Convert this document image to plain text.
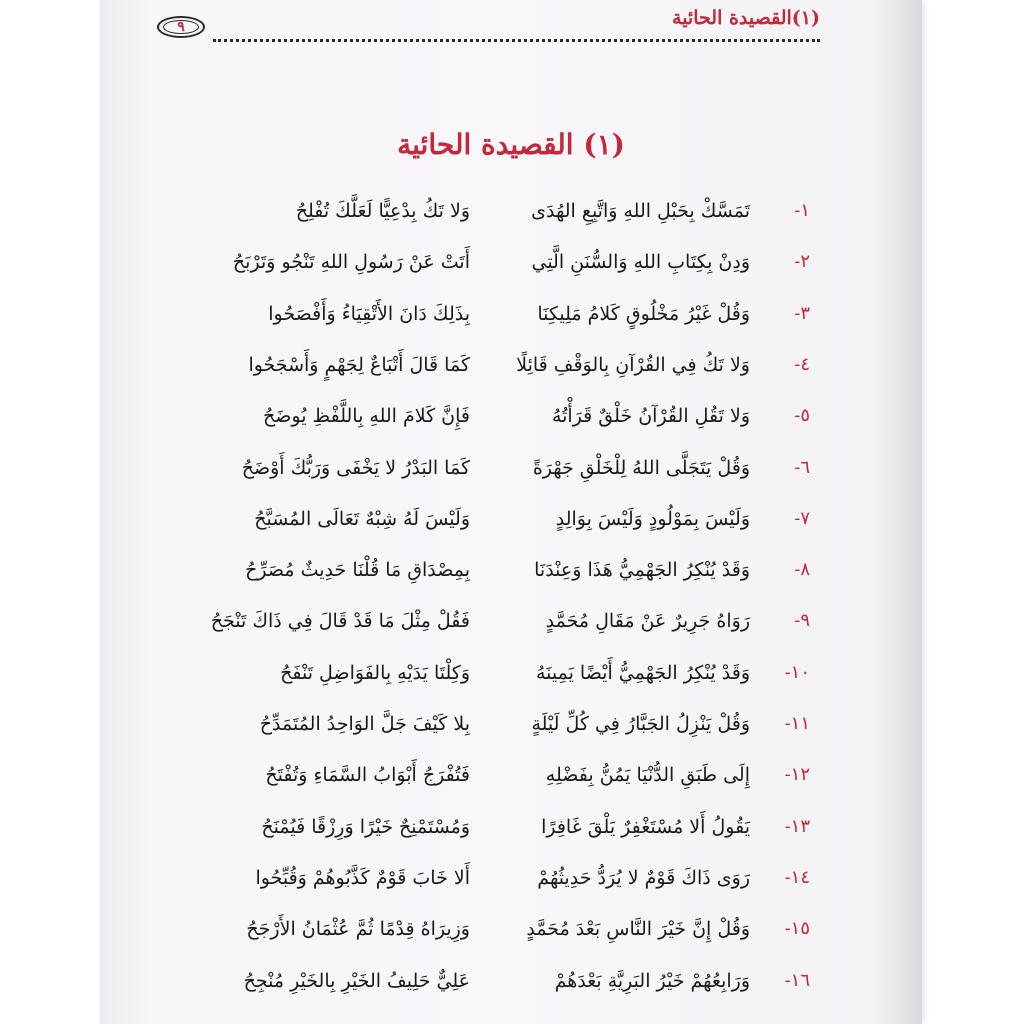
٩	(١)القصيدة الحائية
(١) القصيدة الحائية
١-
تَمَسَّكْ بِحَبْلِ اللهِ وَاتَّبِعِ الهُدَى
وَلا تَكُ بِدْعِيًّا لَعَلَّكَ تُفْلِحُ
٢-
وَدِنْ بِكِتَابِ اللهِ وَالسُّنَنِ الَّتِي
أَتَتْ عَنْ رَسُولِ اللهِ تَنْجُو وَتَرْبَحُ
٣-
وَقُلْ غَيْرُ مَخْلُوقٍ كَلامُ مَلِيكِنَا
بِذَلِكَ دَانَ الأَتْقِيَاءُ وَأَفْصَحُوا
٤-
وَلا تَكُ فِي القُرْآنِ بِالوَقْفِ قَائِلًا
كَمَا قَالَ أَتْبَاعٌ لِجَهْمٍ وَأَسْجَحُوا
٥-
وَلا تَقُلِ القُرْآنُ خَلْقٌ قَرَأْتُهُ
فَإِنَّ كَلامَ اللهِ بِاللَّفْظِ يُوضَحُ
٦-
وَقُلْ يَتَجَلَّى اللهُ لِلْخَلْقِ جَهْرَةً
كَمَا البَدْرُ لا يَخْفَى وَرَبُّكَ أَوْضَحُ
٧-
وَلَيْسَ بِمَوْلُودٍ وَلَيْسَ بِوَالِدٍ
وَلَيْسَ لَهُ شِبْهٌ تَعَالَى المُسَبَّحُ
٨-
وَقَدْ يُنْكِرُ الجَهْمِيُّ هَذَا وَعِنْدَنَا
بِمِصْدَاقِ مَا قُلْنَا حَدِيثٌ مُصَرِّحُ
٩-
رَوَاهُ جَرِيرٌ عَنْ مَقَالِ مُحَمَّدٍ
فَقُلْ مِثْلَ مَا قَدْ قَالَ فِي ذَاكَ تَنْجَحُ
١٠-
وَقَدْ يُنْكِرُ الجَهْمِيُّ أَيْضًا يَمِينَهُ
وَكِلْتَا يَدَيْهِ بِالفَوَاضِلِ تَنْفَحُ
١١-
وَقُلْ يَنْزِلُ الجَبَّارُ فِي كُلِّ لَيْلَةٍ
بِلا كَيْفَ جَلَّ الوَاحِدُ المُتَمَدِّحُ
١٢-
إِلَى طَبَقِ الدُّنْيَا يَمُنُّ بِفَضْلِهِ
فَتُفْرَجُ أَبْوَابُ السَّمَاءِ وَتُفْتَحُ
١٣-
يَقُولُ أَلا مُسْتَغْفِرٌ يَلْقَ غَافِرًا
وَمُسْتَمْنِحٌ خَيْرًا وَرِزْقًا فَيُمْنَحُ
١٤-
رَوَى ذَاكَ قَوْمٌ لا يُرَدُّ حَدِيثُهُمْ
أَلا خَابَ قَوْمٌ كَذَّبُوهُمْ وَقُبِّحُوا
١٥-
وَقُلْ إِنَّ خَيْرَ النَّاسِ بَعْدَ مُحَمَّدٍ
وَزِيرَاهُ قِدْمًا ثُمَّ عُثْمَانُ الأَرْجَحُ
١٦-
وَرَابِعُهُمْ خَيْرُ البَرِيَّةِ بَعْدَهُمْ
عَلِيٌّ حَلِيفُ الخَيْرِ بِالخَيْرِ مُنْجِحُ
